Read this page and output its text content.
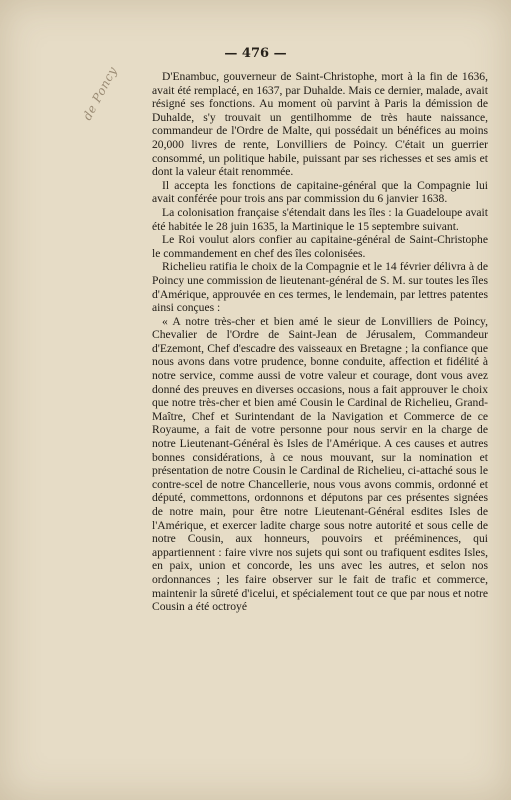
— 476 —

de Poncy	D'Enambuc, gouverneur de Saint-Christophe, mort à la fin de 1636, avait été remplacé, en 1637, par Duhalde. Mais ce dernier, malade, avait résigné ses fonctions. Au moment où parvint à Paris la démission de Duhalde, s'y trouvait un gentilhomme de très haute naissance, commandeur de l'Ordre de Malte, qui possédait un bénéfices au moins 20,000 livres de rente, Lonvilliers de Poincy. C'était un guerrier consommé, un politique habile, puissant par ses richesses et ses amis et dont la valeur était renommée.

Il accepta les fonctions de capitaine-général que la Compagnie lui avait conférée pour trois ans par commission du 6 janvier 1638.

La colonisation française s'étendait dans les îles : la Guadeloupe avait été habitée le 28 juin 1635, la Martinique le 15 septembre suivant.

Le Roi voulut alors confier au capitaine-général de Saint-Christophe le commandement en chef des îles colonisées.

Richelieu ratifia le choix de la Compagnie et le 14 février délivra à de Poincy une commission de lieutenant-général de S. M. sur toutes les îles d'Amérique, approuvée en ces termes, le lendemain, par lettres patentes ainsi conçues :

« A notre très-cher et bien amé le sieur de Lonvilliers de Poincy, Chevalier de l'Ordre de Saint-Jean de Jérusalem, Commandeur d'Ezemont, Chef d'escadre des vaisseaux en Bretagne ; la confiance que nous avons dans votre prudence, bonne conduite, affection et fidélité à notre service, comme aussi de votre valeur et courage, dont vous avez donné des preuves en diverses occasions, nous a fait approuver le choix que notre très-cher et bien amé Cousin le Cardinal de Richelieu, Grand-Maître, Chef et Surintendant de la Navigation et Commerce de ce Royaume, a fait de votre personne pour nous servir en la charge de notre Lieutenant-Général ès Isles de l'Amérique. A ces causes et autres bonnes considérations, à ce nous mouvant, sur la nomination et présentation de notre Cousin le Cardinal de Richelieu, ci-attaché sous le contre-scel de notre Chancellerie, nous vous avons commis, ordonné et député, commettons, ordonnons et députons par ces présentes signées de notre main, pour être notre Lieutenant-Général esdites Isles de l'Amérique, et exercer ladite charge sous notre autorité et sous celle de notre Cousin, aux honneurs, pouvoirs et prééminences, qui appartiennent : faire vivre nos sujets qui sont ou trafiquent esdites Isles, en paix, union et concorde, les uns avec les autres, et selon nos ordonnances ; les faire observer sur le fait de trafic et commerce, maintenir la sûreté d'iceluі, et spécialement tout ce que par nous et notre Cousin a été octroyé
